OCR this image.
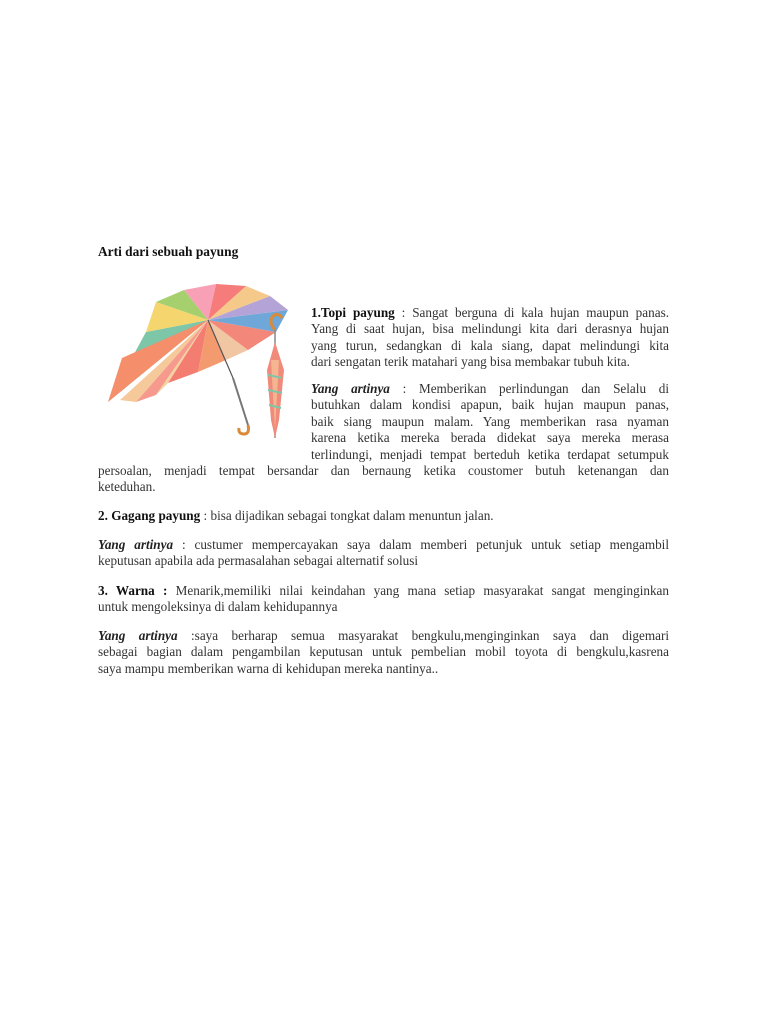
Arti dari sebuah payung
1.Topi payung : Sangat berguna di kala hujan maupun panas.
Yang di saat hujan, bisa melindungi kita dari derasnya hujan
yang turun, sedangkan di kala siang, dapat melindungi kita
dari sengatan terik matahari yang bisa membakar tubuh kita.
Yang artinya : Memberikan perlindungan dan Selalu di
butuhkan dalam kondisi apapun, baik hujan maupun panas,
baik siang maupun malam. Yang memberikan rasa nyaman
karena ketika mereka berada didekat saya mereka merasa
terlindungi, menjadi tempat berteduh ketika terdapat setumpuk
persoalan, menjadi tempat bersandar dan bernaung ketika coustomer butuh ketenangan dan
keteduhan.
2. Gagang payung : bisa dijadikan sebagai tongkat dalam menuntun jalan.
Yang artinya : custumer mempercayakan saya dalam memberi petunjuk untuk setiap mengambil
keputusan apabila ada permasalahan sebagai alternatif solusi
3. Warna : Menarik,memiliki nilai keindahan yang mana setiap masyarakat sangat menginginkan
untuk mengoleksinya di dalam kehidupannya
Yang artinya :saya berharap semua masyarakat bengkulu,menginginkan saya dan digemari
sebagai bagian dalam pengambilan keputusan untuk pembelian mobil toyota di bengkulu,kasrena
saya mampu memberikan warna di kehidupan mereka nantinya..
